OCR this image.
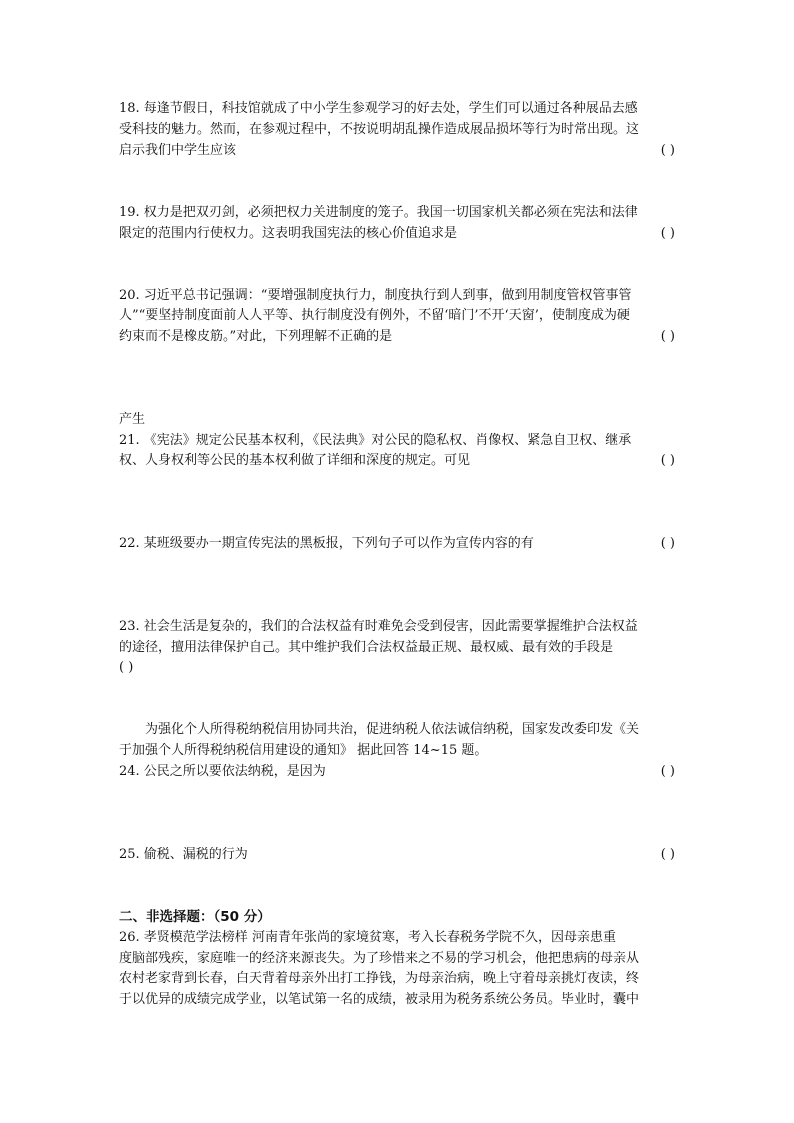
18. 每逢节假日，科技馆就成了中小学生参观学习的好去处，学生们可以通过各种展品去感
受科技的魅力。然而，在参观过程中，不按说明胡乱操作造成展品损坏等行为时常出现。这
启示我们中学生应该	( )
19. 权力是把双刃剑，必须把权力关进制度的笼子。我国一切国家机关都必须在宪法和法律
限定的范围内行使权力。这表明我国宪法的核心价值追求是	( )
20. 习近平总书记强调：“要增强制度执行力，制度执行到人到事，做到用制度管权管事管
人”“要坚持制度面前人人平等、执行制度没有例外，不留‘暗门’不开‘天窗’，使制度成为硬
约束而不是橡皮筋。”对此，下列理解不正确的是	( )
产生
21. 《宪法》规定公民基本权利，《民法典》对公民的隐私权、肖像权、紧急自卫权、继承
权、人身权利等公民的基本权利做了详细和深度的规定。可见	( )
22. 某班级要办一期宣传宪法的黑板报，下列句子可以作为宣传内容的有	( )
23. 社会生活是复杂的，我们的合法权益有时难免会受到侵害，因此需要掌握维护合法权益
的途径，擅用法律保护自己。其中维护我们合法权益最正规、最权威、最有效的手段是
( )
为强化个人所得税纳税信用协同共治，促进纳税人依法诚信纳税，国家发改委印发《关
于加强个人所得税纳税信用建设的通知》 据此回答 14~15 题。
24. 公民之所以要依法纳税，是因为	( )
25. 偷税、漏税的行为	( )
二、非选择题：（50 分）
26. 孝贤模范学法榜样 河南青年张尚的家境贫寒，考入长春税务学院不久，因母亲患重
度脑部残疾，家庭唯一的经济来源丧失。为了珍惜来之不易的学习机会，他把患病的母亲从
农村老家背到长春，白天背着母亲外出打工挣钱，为母亲治病，晚上守着母亲挑灯夜读，终
于以优异的成绩完成学业，以笔试第一名的成绩，被录用为税务系统公务员。毕业时，囊中
